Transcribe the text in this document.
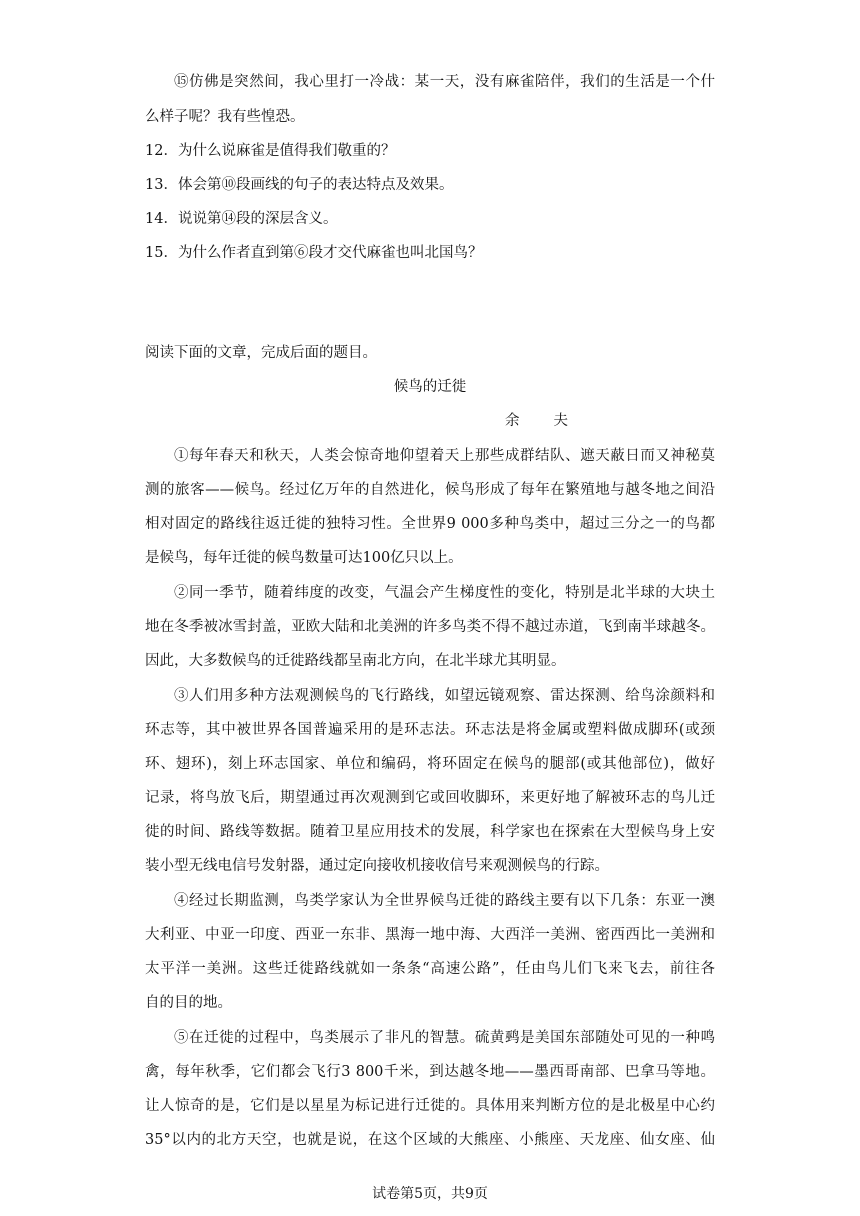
⑮仿佛是突然间，我心里打一冷战：某一天，没有麻雀陪伴，我们的生活是一个什
么样子呢？我有些惶恐。
12．为什么说麻雀是值得我们敬重的？
13．体会第⑩段画线的句子的表达特点及效果。
14．说说第⑭段的深层含义。
15．为什么作者直到第⑥段才交代麻雀也叫北国鸟？
阅读下面的文章，完成后面的题目。
候鸟的迁徙
余 夫
①每年春天和秋天，人类会惊奇地仰望着天上那些成群结队、遮天蔽日而又神秘莫
测的旅客——候鸟。经过亿万年的自然进化，候鸟形成了每年在繁殖地与越冬地之间沿
相对固定的路线往返迁徙的独特习性。全世界9 000多种鸟类中，超过三分之一的鸟都
是候鸟，每年迁徙的候鸟数量可达100亿只以上。
②同一季节，随着纬度的改变，气温会产生梯度性的变化，特别是北半球的大块土
地在冬季被冰雪封盖，亚欧大陆和北美洲的许多鸟类不得不越过赤道，飞到南半球越冬。
因此，大多数候鸟的迁徙路线都呈南北方向，在北半球尤其明显。
③人们用多种方法观测候鸟的飞行路线，如望远镜观察、雷达探测、给鸟涂颜料和
环志等，其中被世界各国普遍采用的是环志法。环志法是将金属或塑料做成脚环(或颈
环、翅环)，刻上环志国家、单位和编码，将环固定在候鸟的腿部(或其他部位)，做好
记录，将鸟放飞后，期望通过再次观测到它或回收脚环，来更好地了解被环志的鸟儿迁
徙的时间、路线等数据。随着卫星应用技术的发展，科学家也在探索在大型候鸟身上安
装小型无线电信号发射器，通过定向接收机接收信号来观测候鸟的行踪。
④经过长期监测，鸟类学家认为全世界候鸟迁徙的路线主要有以下几条：东亚一澳
大利亚、中亚一印度、西亚一东非、黑海一地中海、大西洋一美洲、密西西比一美洲和
太平洋一美洲。这些迁徙路线就如一条条“高速公路”，任由鸟儿们飞来飞去，前往各
自的目的地。
⑤在迁徙的过程中，鸟类展示了非凡的智慧。硫黄鹀是美国东部随处可见的一种鸣
禽，每年秋季，它们都会飞行3 800千米，到达越冬地——墨西哥南部、巴拿马等地。
让人惊奇的是，它们是以星星为标记进行迁徙的。具体用来判断方位的是北极星中心约
35°以内的北方天空，也就是说，在这个区域的大熊座、小熊座、天龙座、仙女座、仙
试卷第5页，共9页
